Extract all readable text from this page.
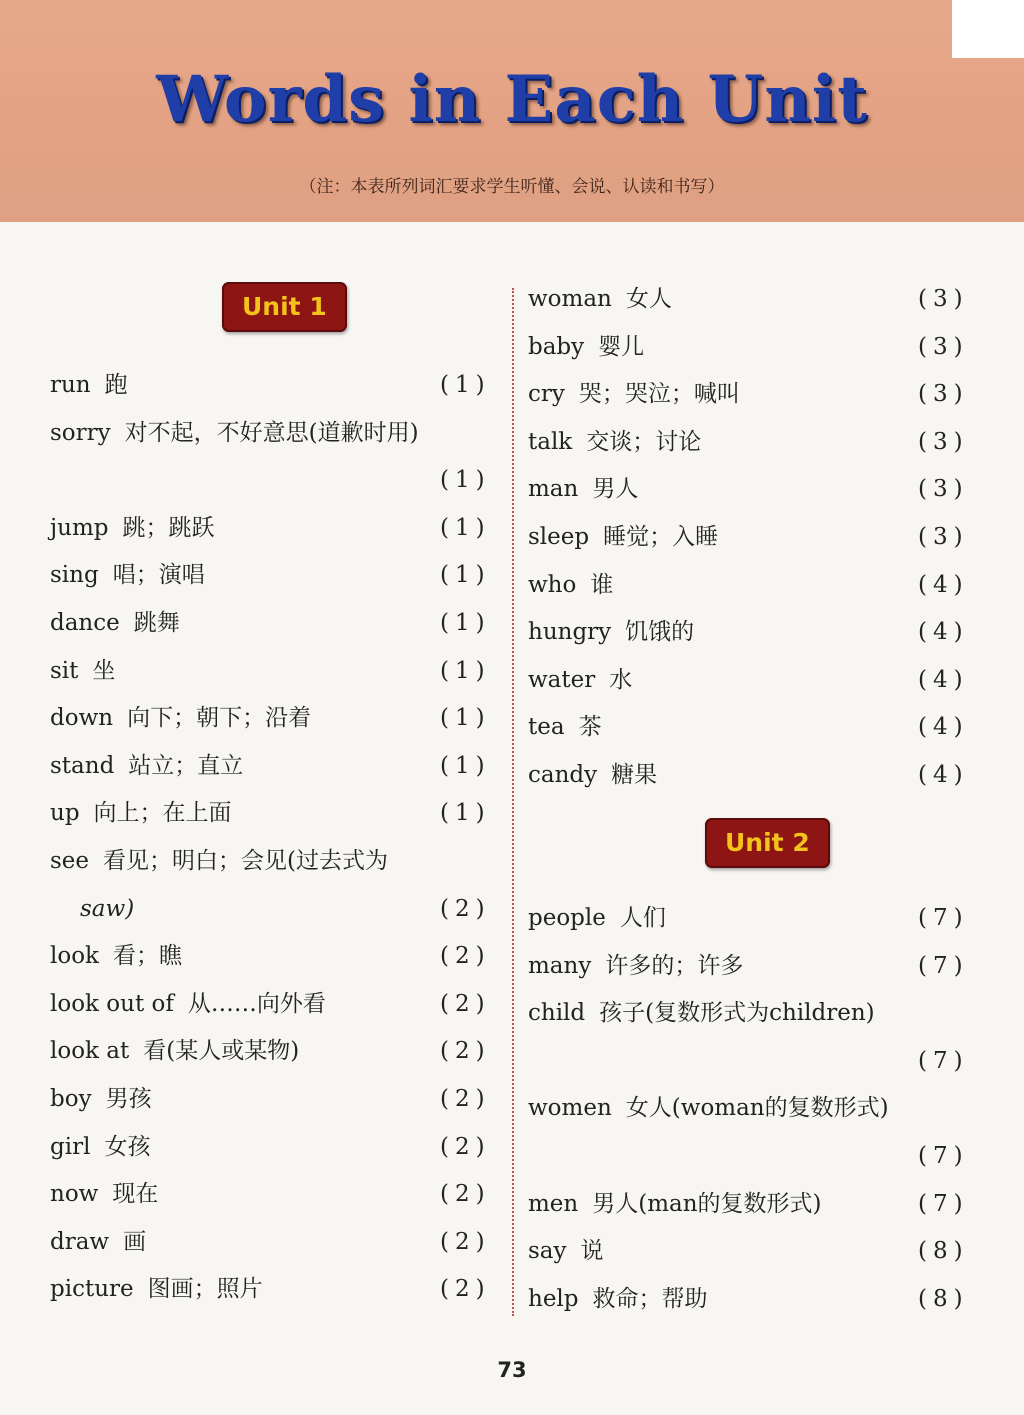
Words in Each Unit
（注：本表所列词汇要求学生听懂、会说、认读和书写）
Unit 1
Unit 2
run 跑	(1)
sorry 对不起，不好意思(道歉时用)
(1)
jump 跳；跳跃	(1)
sing 唱；演唱	(1)
dance 跳舞	(1)
sit 坐	(1)
down 向下；朝下；沿着	(1)
stand 站立；直立	(1)
up 向上；在上面	(1)
see 看见；明白；会见(过去式为
saw)	(2)
look 看；瞧	(2)
look out of 从……向外看	(2)
look at 看(某人或某物)	(2)
boy 男孩	(2)
girl 女孩	(2)
now 现在	(2)
draw 画	(2)
picture 图画；照片	(2)
woman 女人	(3)
baby 婴儿	(3)
cry 哭；哭泣；喊叫	(3)
talk 交谈；讨论	(3)
man 男人	(3)
sleep 睡觉；入睡	(3)
who 谁	(4)
hungry 饥饿的	(4)
water 水	(4)
tea 茶	(4)
candy 糖果	(4)
people 人们	(7)
many 许多的；许多	(7)
child 孩子(复数形式为children)
(7)
women 女人(woman的复数形式)
(7)
men 男人(man的复数形式)	(7)
say 说	(8)
help 救命；帮助	(8)
73
